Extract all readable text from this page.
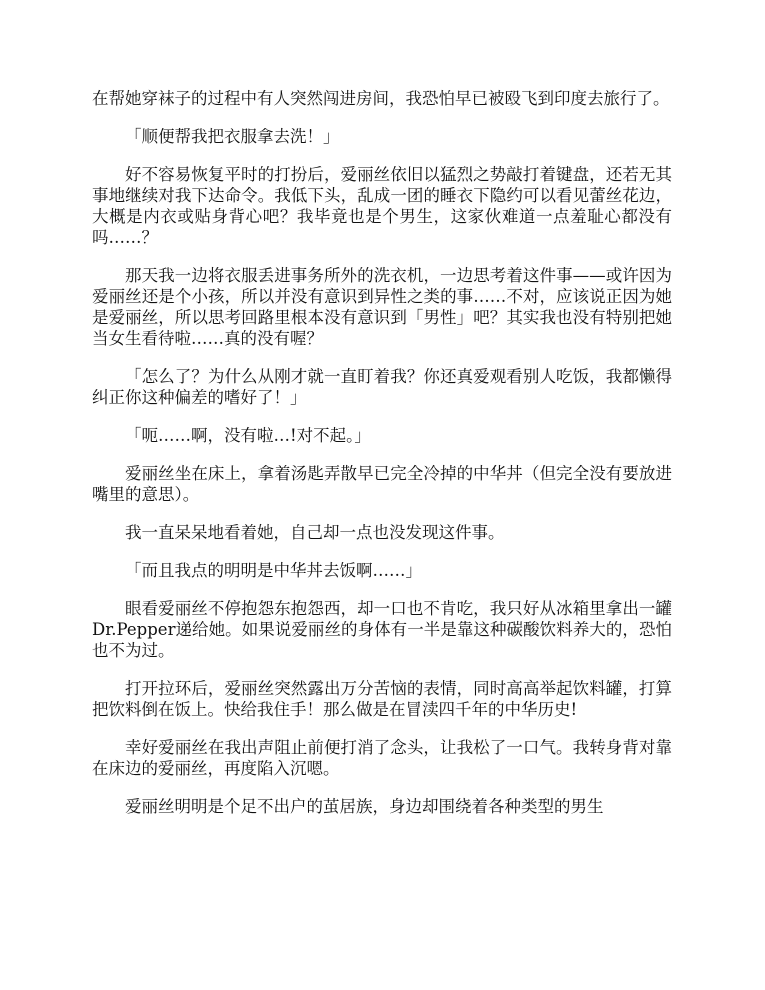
在帮她穿袜子的过程中有人突然闯进房间，我恐怕早已被殴飞到印度去旅行了。

「顺便帮我把衣服拿去洗！」

好不容易恢复平时的打扮后，爱丽丝依旧以猛烈之势敲打着键盘，还若无其事地继续对我下达命令。我低下头，乱成一团的睡衣下隐约可以看见蕾丝花边，大概是内衣或贴身背心吧？我毕竟也是个男生，这家伙难道一点羞耻心都没有吗……？

那天我一边将衣服丢进事务所外的洗衣机，一边思考着这件事——或许因为爱丽丝还是个小孩，所以并没有意识到异性之类的事……不对，应该说正因为她是爱丽丝，所以思考回路里根本没有意识到「男性」吧？其实我也没有特别把她当女生看待啦……真的没有喔？

「怎么了？为什么从刚才就一直盯着我？你还真爱观看别人吃饭，我都懒得纠正你这种偏差的嗜好了！」

「呃……啊，没有啦…!对不起。」

爱丽丝坐在床上，拿着汤匙弄散早已完全冷掉的中华丼（但完全没有要放进嘴里的意思）。

我一直呆呆地看着她，自己却一点也没发现这件事。

「而且我点的明明是中华丼去饭啊……」

眼看爱丽丝不停抱怨东抱怨西，却一口也不肯吃，我只好从冰箱里拿出一罐Dr.Pepper递给她。如果说爱丽丝的身体有一半是靠这种碳酸饮料养大的，恐怕也不为过。

打开拉环后，爱丽丝突然露出万分苦恼的表情，同时高高举起饮料罐，打算把饮料倒在饭上。快给我住手！那么做是在冒渎四千年的中华历史!

幸好爱丽丝在我出声阻止前便打消了念头，让我松了一口气。我转身背对靠在床边的爱丽丝，再度陷入沉嗯。

爱丽丝明明是个足不出户的茧居族，身边却围绕着各种类型的男生
